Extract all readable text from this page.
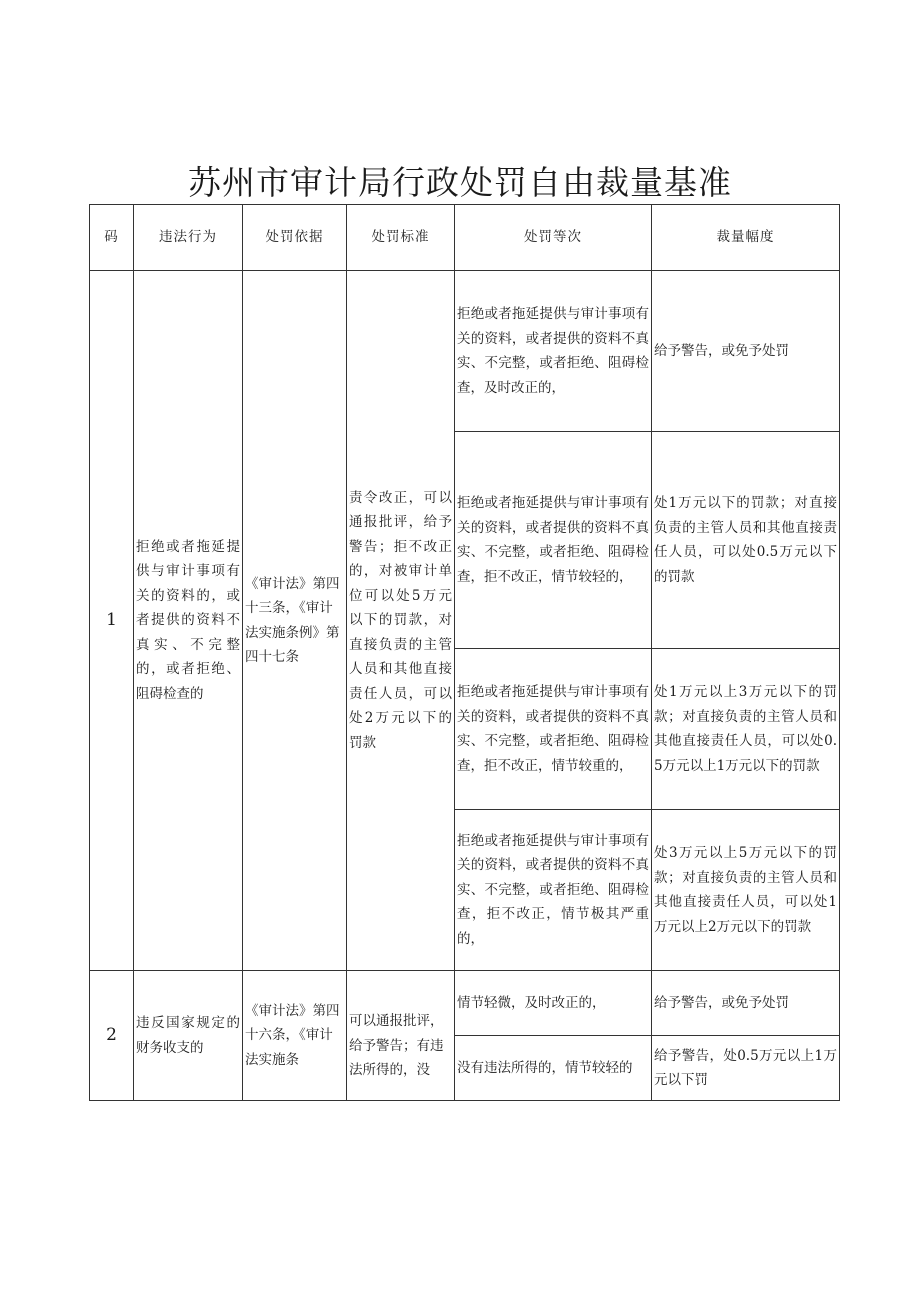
苏州市审计局行政处罚自由裁量基准
码	违法行为	处罚依据	处罚标准	处罚等次	裁量幅度
1	拒绝或者拖延提供与审计事项有关的资料的，或者提供的资料不真实、不完整的，或者拒绝、阻碍检查的	《审计法》第四十三条，《审计法实施条例》第四十七条	责令改正，可以通报批评，给予警告；拒不改正的，对被审计单位可以处5万元以下的罚款，对直接负责的主管人员和其他直接责任人员，可以处2万元以下的罚款	拒绝或者拖延提供与审计事项有关的资料，或者提供的资料不真实、不完整，或者拒绝、阻碍检查，及时改正的，	给予警告，或免予处罚
				拒绝或者拖延提供与审计事项有关的资料，或者提供的资料不真实、不完整，或者拒绝、阻碍检查，拒不改正，情节较轻的，	处1万元以下的罚款；对直接负责的主管人员和其他直接责任人员，可以处0.5万元以下的罚款
				拒绝或者拖延提供与审计事项有关的资料，或者提供的资料不真实、不完整，或者拒绝、阻碍检查，拒不改正，情节较重的，	处1万元以上3万元以下的罚款；对直接负责的主管人员和其他直接责任人员，可以处0.5万元以上1万元以下的罚款
				拒绝或者拖延提供与审计事项有关的资料，或者提供的资料不真实、不完整，或者拒绝、阻碍检查，拒不改正，情节极其严重的，	处3万元以上5万元以下的罚款；对直接负责的主管人员和其他直接责任人员，可以处1万元以上2万元以下的罚款
2	违反国家规定的财务收支的	《审计法》第四十六条，《审计法实施条	可以通报批评，给予警告；有违法所得的，没	情节轻微，及时改正的，	给予警告，或免予处罚
				没有违法所得的，情节较轻的	给予警告，处0.5万元以上1万元以下罚
